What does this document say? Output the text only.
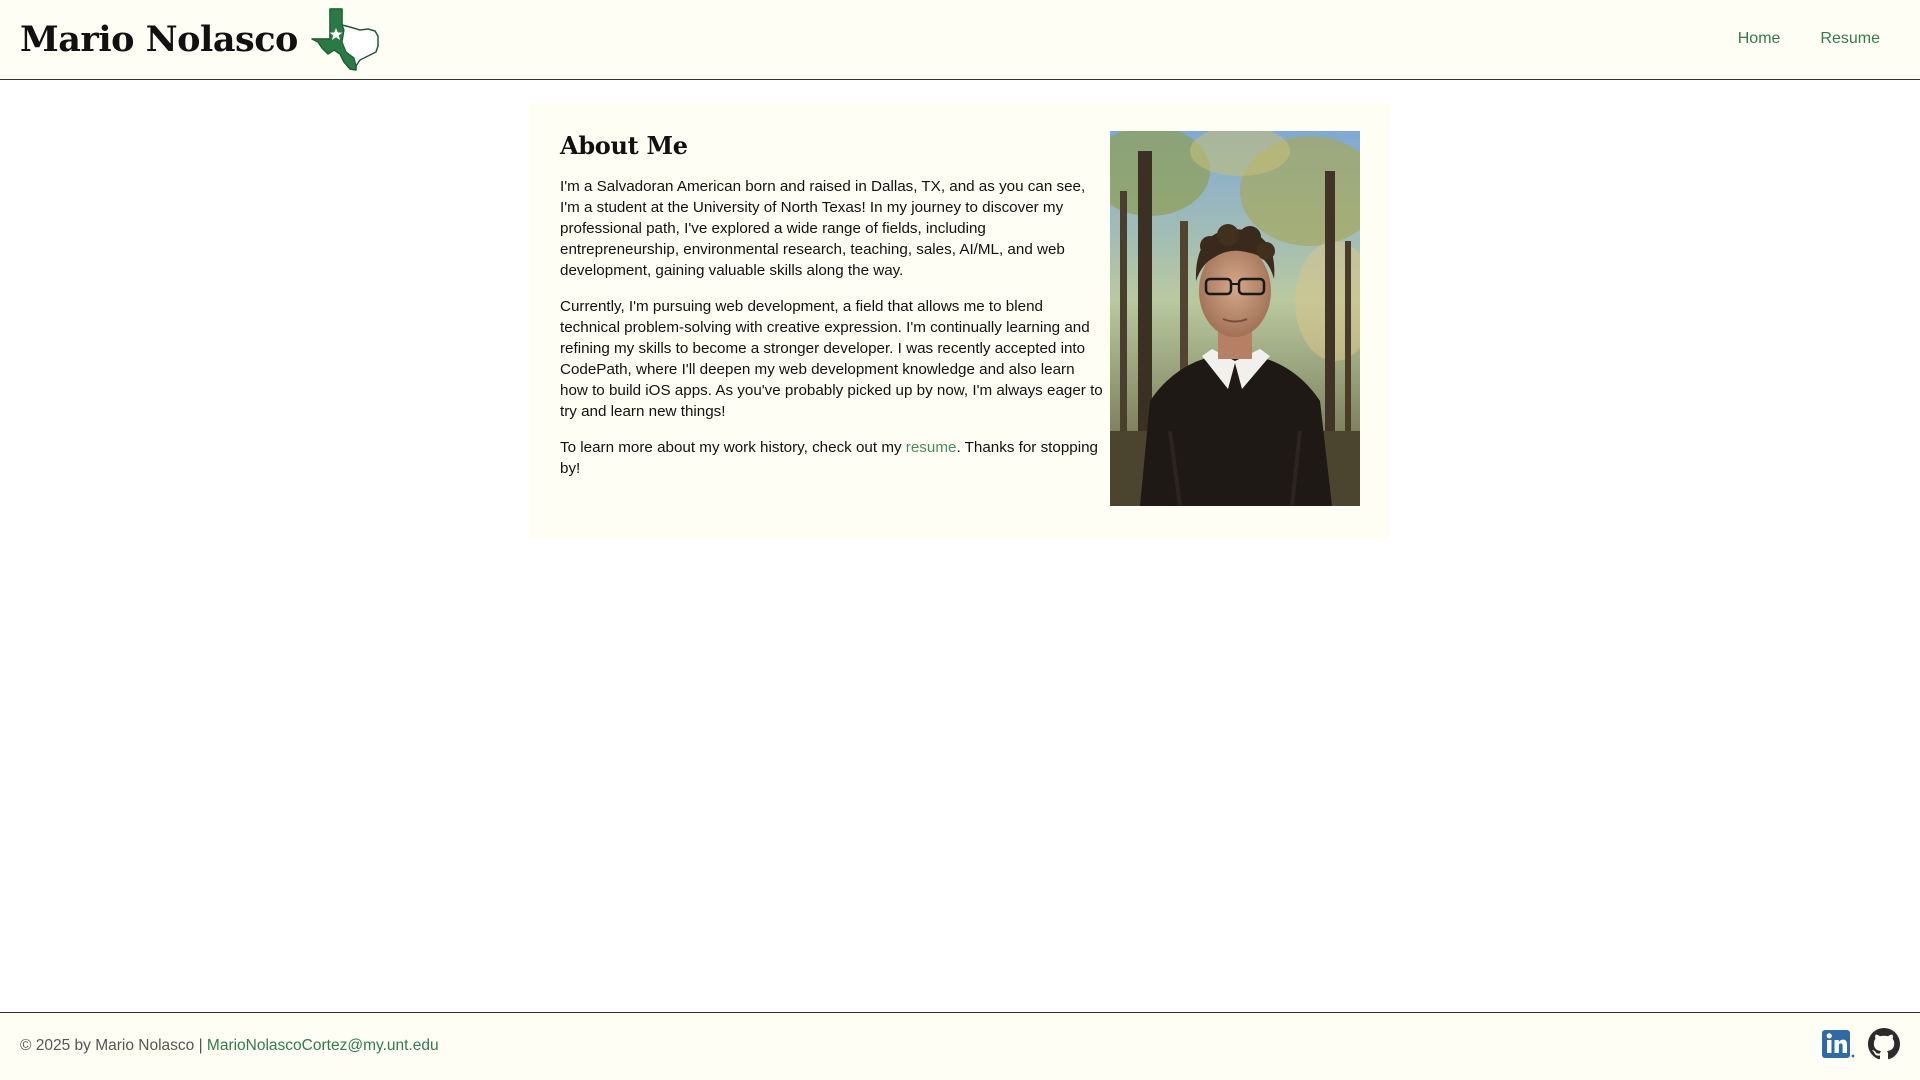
Mario Nolasco	Home	Resume
About Me

I'm a Salvadoran American born and raised in Dallas, TX, and as you can see, I'm a student at the University of North Texas! In my journey to discover my professional path, I've explored a wide range of fields, including entrepreneurship, environmental research, teaching, sales, AI/ML, and web development, gaining valuable skills along the way.

Currently, I'm pursuing web development, a field that allows me to blend technical problem-solving with creative expression. I'm continually learning and refining my skills to become a stronger developer. I was recently accepted into CodePath, where I'll deepen my web development knowledge and also learn how to build iOS apps. As you've probably picked up by now, I'm always eager to try and learn new things!

To learn more about my work history, check out my resume. Thanks for stopping by!

© 2025 by Mario Nolasco | MarioNolascoCortez@my.unt.edu
